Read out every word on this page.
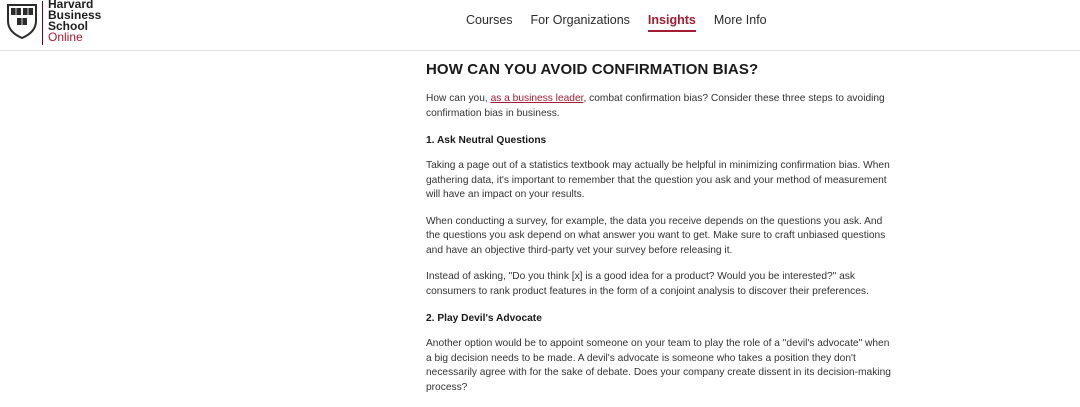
Harvard
Business
School
Online
Courses For Organizations Insights More Info
HOW CAN YOU AVOID CONFIRMATION BIAS?

How can you, as a business leader, combat confirmation bias? Consider these three steps to avoiding confirmation bias in business.

1. Ask Neutral Questions

Taking a page out of a statistics textbook may actually be helpful in minimizing confirmation bias. When gathering data, it's important to remember that the question you ask and your method of measurement will have an impact on your results.

When conducting a survey, for example, the data you receive depends on the questions you ask. And the questions you ask depend on what answer you want to get. Make sure to craft unbiased questions and have an objective third-party vet your survey before releasing it.

Instead of asking, "Do you think [x] is a good idea for a product? Would you be interested?" ask consumers to rank product features in the form of a conjoint analysis to discover their preferences.

2. Play Devil's Advocate

Another option would be to appoint someone on your team to play the role of a "devil's advocate" when a big decision needs to be made. A devil's advocate is someone who takes a position they don't necessarily agree with for the sake of debate. Does your company create dissent in its decision-making process?
